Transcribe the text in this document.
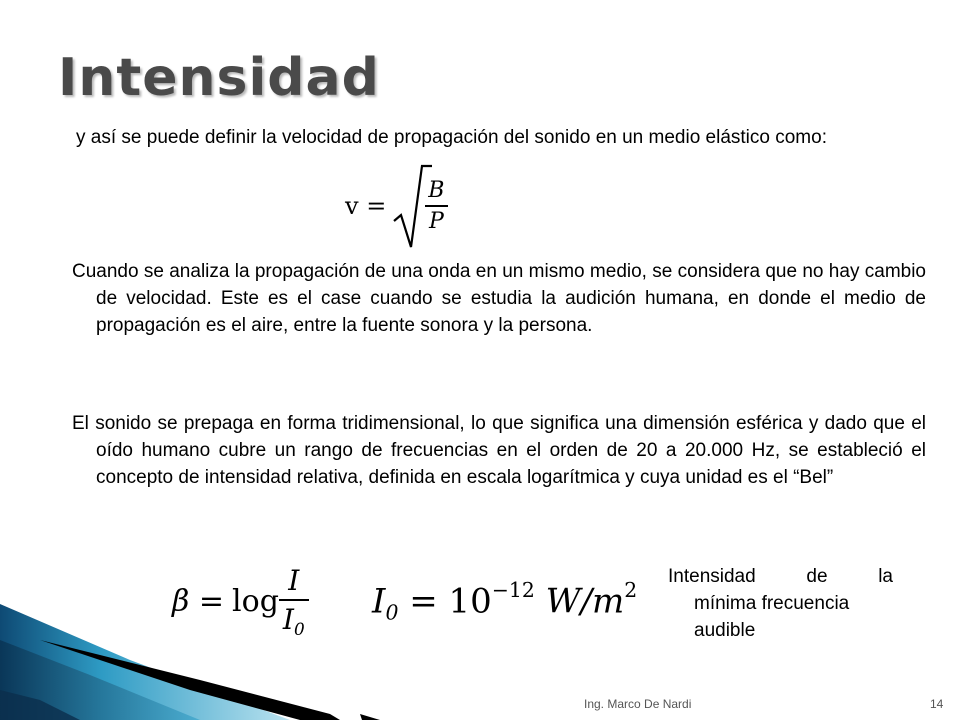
Intensidad

y así se puede definir la velocidad de propagación del sonido en un medio elástico como:

$v = \frac{B}{P}$

Cuando se analiza la propagación de una onda en un mismo medio, se considera que no hay cambio de velocidad. Este es el case cuando se estudia la audición humana, en donde el medio de propagación es el aire, entre la fuente sonora y la persona.

El sonido se prepaga en forma tridimensional, lo que significa una dimensión esférica y dado que el oído humano cubre un rango de frecuencias en el orden de 20 a 20.000 Hz, se estableció el concepto de intensidad relativa, definida en escala logarítmica y cuya unidad es el “Bel”

$\beta = \log \frac{I}{I_0} I_0 = 10^{-12}$ $W/m^2$
Intensidad	de	la
mínima frecuencia
audible
Ing. Marco De Nardi	14
